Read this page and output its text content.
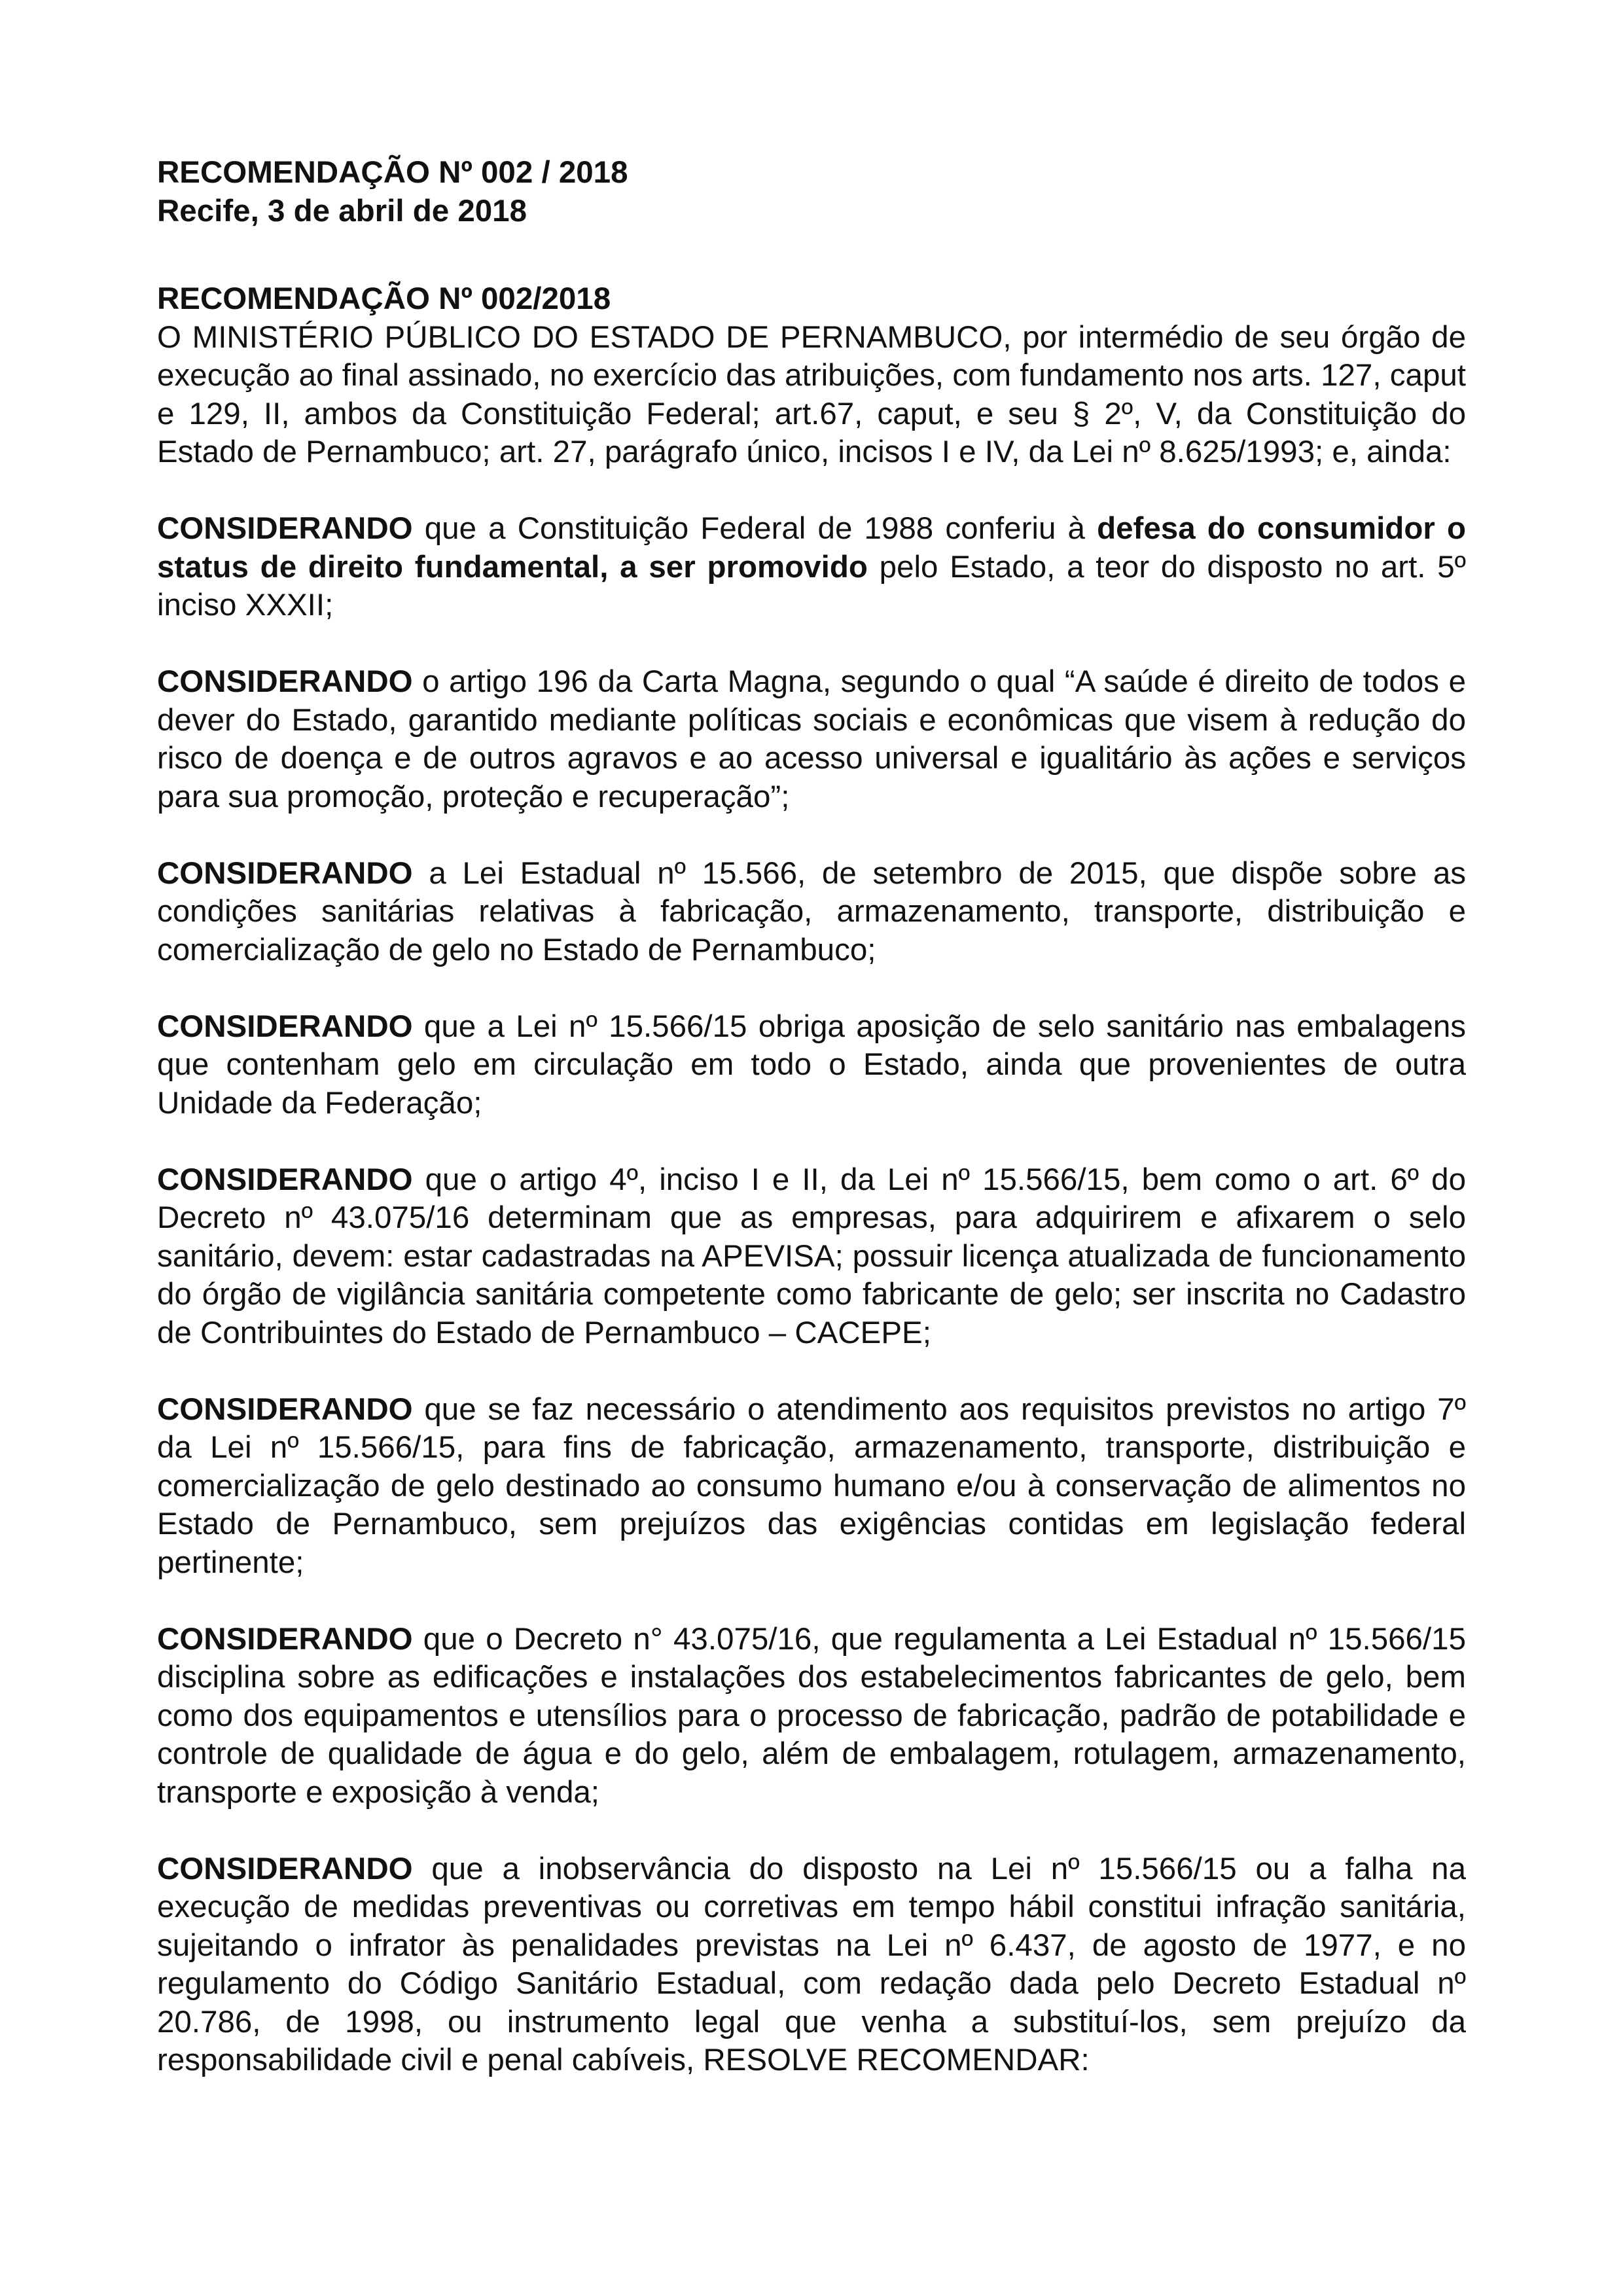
RECOMENDAÇÃO Nº 002 / 2018
Recife, 3 de abril de 2018
RECOMENDAÇÃO Nº 002/2018

O MINISTÉRIO PÚBLICO DO ESTADO DE PERNAMBUCO, por intermédio de seu órgão de execução ao final assinado, no exercício das atribuições, com fundamento nos arts. 127, caput e 129, II, ambos da Constituição Federal; art.67, caput, e seu § 2º, V, da Constituição do Estado de Pernambuco; art. 27, parágrafo único, incisos I e IV, da Lei nº 8.625/1993; e, ainda:

CONSIDERANDO que a Constituição Federal de 1988 conferiu à defesa do consumidor o status de direito fundamental, a ser promovido pelo Estado, a teor do disposto no art. 5º inciso XXXII;

CONSIDERANDO o artigo 196 da Carta Magna, segundo o qual “A saúde é direito de todos e dever do Estado, garantido mediante políticas sociais e econômicas que visem à redução do risco de doença e de outros agravos e ao acesso universal e igualitário às ações e serviços para sua promoção, proteção e recuperação”;

CONSIDERANDO a Lei Estadual nº 15.566, de setembro de 2015, que dispõe sobre as condições sanitárias relativas à fabricação, armazenamento, transporte, distribuição e comercialização de gelo no Estado de Pernambuco;

CONSIDERANDO que a Lei nº 15.566/15 obriga aposição de selo sanitário nas embalagens que contenham gelo em circulação em todo o Estado, ainda que provenientes de outra Unidade da Federação;

CONSIDERANDO que o artigo 4º, inciso I e II, da Lei nº 15.566/15, bem como o art. 6º do Decreto nº 43.075/16 determinam que as empresas, para adquirirem e afixarem o selo sanitário, devem: estar cadastradas na APEVISA; possuir licença atualizada de funcionamento do órgão de vigilância sanitária competente como fabricante de gelo; ser inscrita no Cadastro de Contribuintes do Estado de Pernambuco – CACEPE;

CONSIDERANDO que se faz necessário o atendimento aos requisitos previstos no artigo 7º da Lei nº 15.566/15, para fins de fabricação, armazenamento, transporte, distribuição e comercialização de gelo destinado ao consumo humano e/ou à conservação de alimentos no Estado de Pernambuco, sem prejuízos das exigências contidas em legislação federal pertinente;

CONSIDERANDO que o Decreto n° 43.075/16, que regulamenta a Lei Estadual nº 15.566/15 disciplina sobre as edificações e instalações dos estabelecimentos fabricantes de gelo, bem como dos equipamentos e utensílios para o processo de fabricação, padrão de potabilidade e controle de qualidade de água e do gelo, além de embalagem, rotulagem, armazenamento, transporte e exposição à venda;

CONSIDERANDO que a inobservância do disposto na Lei nº 15.566/15 ou a falha na execução de medidas preventivas ou corretivas em tempo hábil constitui infração sanitária, sujeitando o infrator às penalidades previstas na Lei nº 6.437, de agosto de 1977, e no regulamento do Código Sanitário Estadual, com redação dada pelo Decreto Estadual nº 20.786, de 1998, ou instrumento legal que venha a substituí-los, sem prejuízo da responsabilidade civil e penal cabíveis, RESOLVE RECOMENDAR:
